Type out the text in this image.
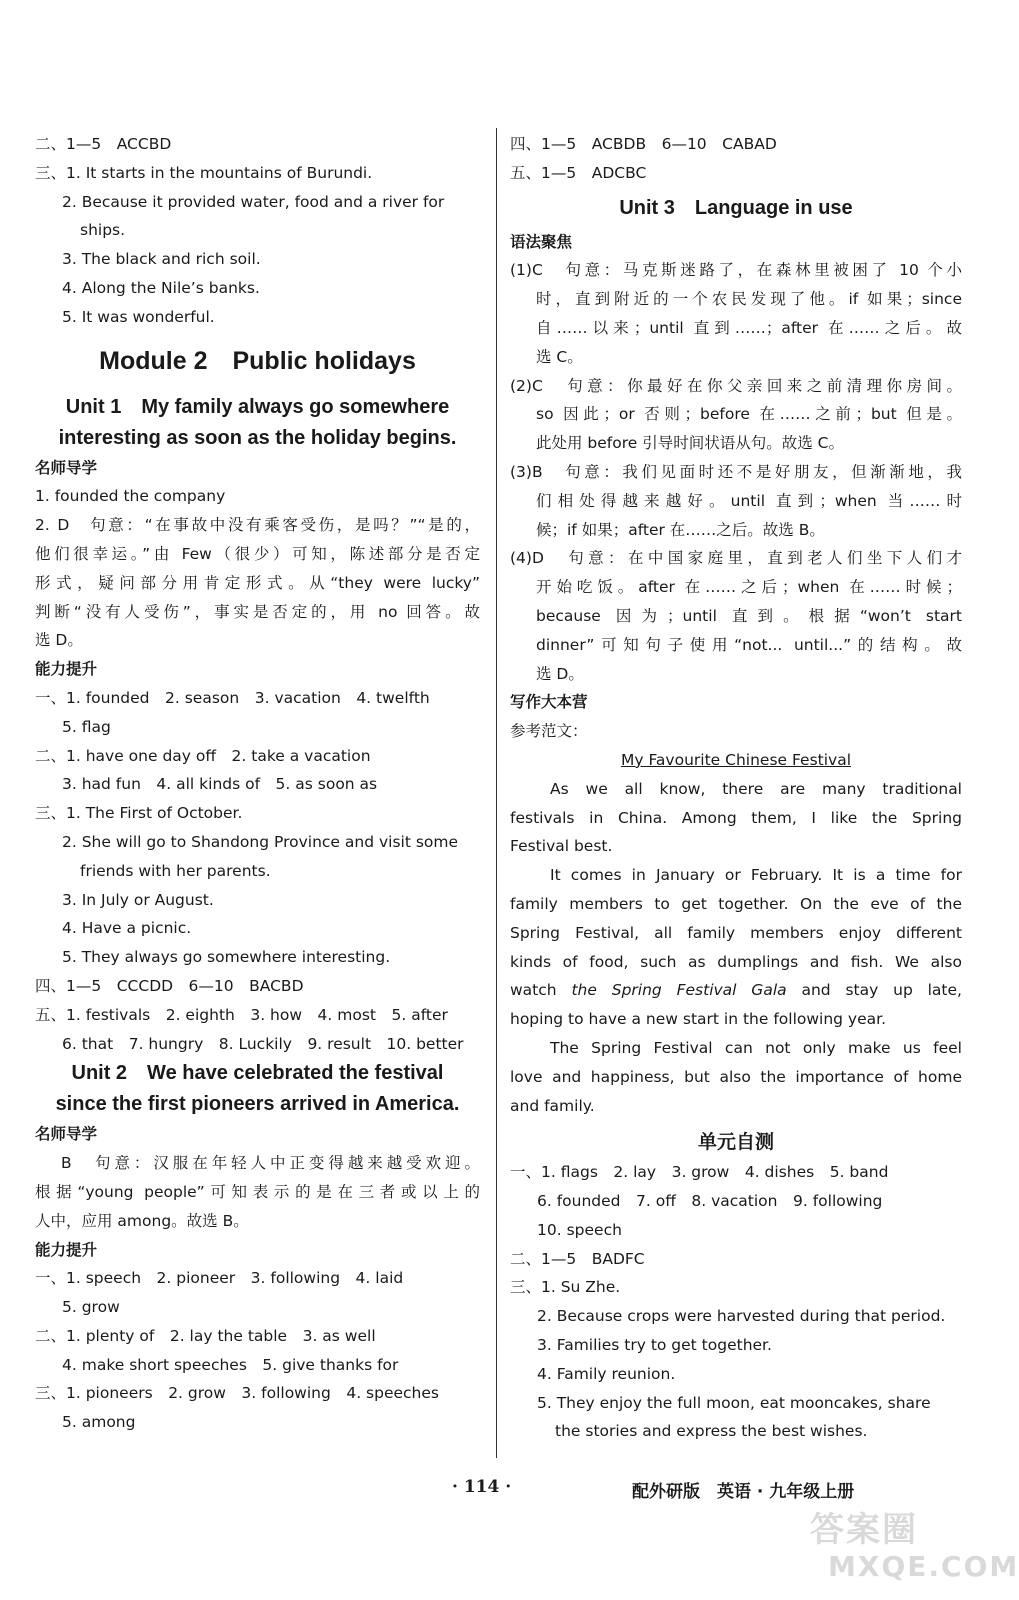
二、1—5　ACCBD
三、1. It starts in the mountains of Burundi.
2. Because it provided water, food and a river for
ships.
3. The black and rich soil.
4. Along the Nile’s banks.
5. It was wonderful.
Module 2　Public holidays
Unit 1　My family always go somewhere
interesting as soon as the holiday begins.
名师导学
1. founded the company
2. D　句意：“在事故中没有乘客受伤，是吗？”“是的，
他们很幸运。”由 Few（很少）可知，陈述部分是否定
形式，疑问部分用肯定形式。从“they were lucky”
判断“没有人受伤”，事实是否定的，用 no 回答。故
选 D。
能力提升
一、1. founded　2. season　3. vacation　4. twelfth
5. flag
二、1. have one day off　2. take a vacation
3. had fun　4. all kinds of　5. as soon as
三、1. The First of October.
2. She will go to Shandong Province and visit some
friends with her parents.
3. In July or August.
4. Have a picnic.
5. They always go somewhere interesting.
四、1—5　CCCDD　6—10　BACBD
五、1. festivals　2. eighth　3. how　4. most　5. after
6. that　7. hungry　8. Luckily　9. result　10. better
Unit 2　We have celebrated the festival
since the first pioneers arrived in America.
名师导学
B　句意：汉服在年轻人中正变得越来越受欢迎。
根据“young people”可知表示的是在三者或以上的
人中，应用 among。故选 B。
能力提升
一、1. speech　2. pioneer　3. following　4. laid
5. grow
二、1. plenty of　2. lay the table　3. as well
4. make short speeches　5. give thanks for
三、1. pioneers　2. grow　3. following　4. speeches
5. among
四、1—5　ACBDB　6—10　CABAD
五、1—5　ADCBC
Unit 3　Language in use
语法聚焦
(1)C　句意：马克斯迷路了，在森林里被困了 10 个小
时，直到附近的一个农民发现了他。if 如果；since
自……以来；until 直到……；after 在……之后。故
选 C。
(2)C　句意：你最好在你父亲回来之前清理你房间。
so 因此；or 否则；before 在……之前；but 但是。
此处用 before 引导时间状语从句。故选 C。
(3)B　句意：我们见面时还不是好朋友，但渐渐地，我
们相处得越来越好。until 直到；when 当……时
候；if 如果；after 在……之后。故选 B。
(4)D　句意：在中国家庭里，直到老人们坐下人们才
开始吃饭。after 在……之后；when 在……时候；
because 因为；until 直到。根据“won’t start
dinner”可知句子使用“not... until...”的结构。故
选 D。
写作大本营
参考范文：
My Favourite Chinese Festival
As we all know, there are many traditional
festivals in China. Among them, I like the Spring
Festival best.
It comes in January or February. It is a time for
family members to get together. On the eve of the
Spring Festival, all family members enjoy different
kinds of food, such as dumplings and fish. We also
watch the Spring Festival Gala and stay up late,
hoping to have a new start in the following year.
The Spring Festival can not only make us feel
love and happiness, but also the importance of home
and family.
单元自测
一、1. flags　2. lay　3. grow　4. dishes　5. band
6. founded　7. off　8. vacation　9. following
10. speech
二、1—5　BADFC
三、1. Su Zhe.
2. Because crops were harvested during that period.
3. Families try to get together.
4. Family reunion.
5. They enjoy the full moon, eat mooncakes, share
the stories and express the best wishes.
· 114 ·	配外研版　英语 · 九年级上册
答案圈
MXQE.COM
